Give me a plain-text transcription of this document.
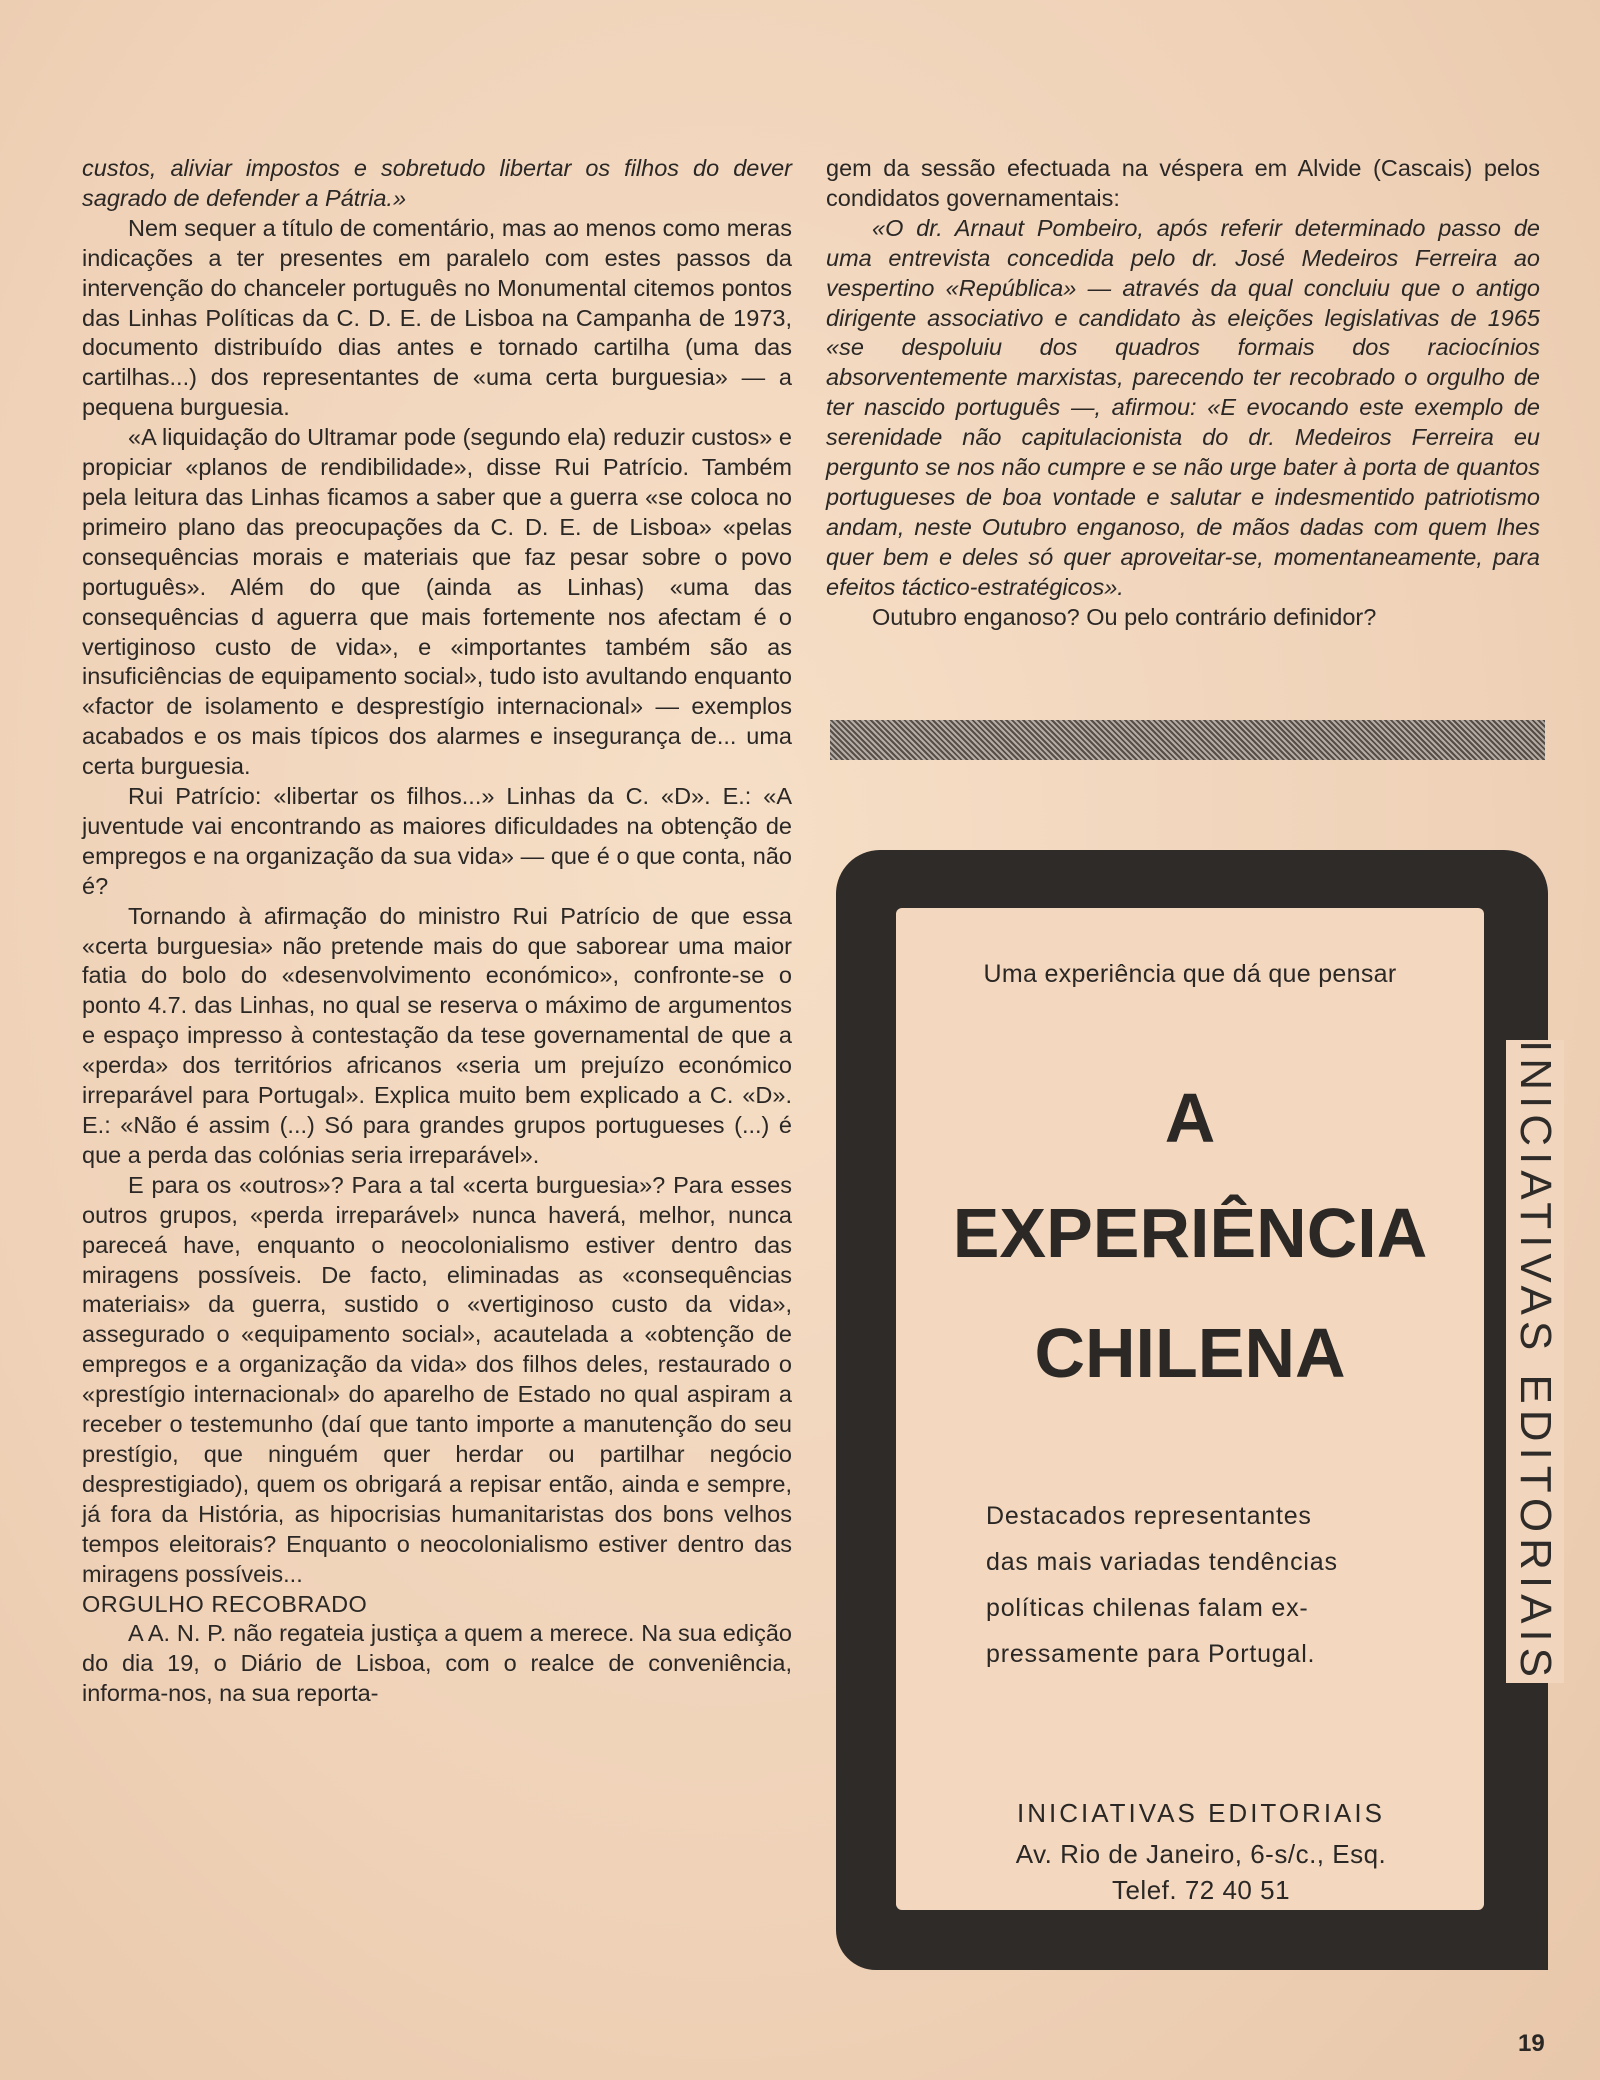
custos, aliviar impostos e sobretudo libertar os filhos do dever sagrado de defender a Pátria.»

Nem sequer a título de comentário, mas ao menos como meras indicações a ter presentes em paralelo com estes passos da intervenção do chanceler português no Monumental citemos pontos das Linhas Políticas da C. D. E. de Lisboa na Campanha de 1973, documento distribuído dias antes e tornado cartilha (uma das cartilhas...) dos representantes de «uma certa burguesia» — a pequena burguesia.

«A liquidação do Ultramar pode (segundo ela) reduzir custos» e propiciar «planos de rendibilidade», disse Rui Patrício. Também pela leitura das Linhas ficamos a saber que a guerra «se coloca no primeiro plano das preocupações da C. D. E. de Lisboa» «pelas consequências morais e materiais que faz pesar sobre o povo português». Além do que (ainda as Linhas) «uma das consequências d aguerra que mais fortemente nos afectam é o vertiginoso custo de vida», e «importantes também são as insuficiências de equipamento social», tudo isto avultando enquanto «factor de isolamento e desprestígio internacional» — exemplos acabados e os mais típicos dos alarmes e insegurança de... uma certa burguesia.

Rui Patrício: «libertar os filhos...» Linhas da C. «D». E.: «A juventude vai encontrando as maiores dificuldades na obtenção de empregos e na organização da sua vida» — que é o que conta, não é?

Tornando à afirmação do ministro Rui Patrício de que essa «certa burguesia» não pretende mais do que saborear uma maior fatia do bolo do «desenvolvimento económico», confronte-se o ponto 4.7. das Linhas, no qual se reserva o máximo de argumentos e espaço impresso à contestação da tese governamental de que a «perda» dos territórios africanos «seria um prejuízo económico irreparável para Portugal». Explica muito bem explicado a C. «D». E.: «Não é assim (...) Só para grandes grupos portugueses (...) é que a perda das colónias seria irreparável».

E para os «outros»? Para a tal «certa burguesia»? Para esses outros grupos, «perda irreparável» nunca haverá, melhor, nunca pareceá have, enquanto o neocolonialismo estiver dentro das miragens possíveis. De facto, eliminadas as «consequências materiais» da guerra, sustido o «vertiginoso custo da vida», assegurado o «equipamento social», acautelada a «obtenção de empregos e a organização da vida» dos filhos deles, restaurado o «prestígio internacional» do aparelho de Estado no qual aspiram a receber o testemunho (daí que tanto importe a manutenção do seu prestígio, que ninguém quer herdar ou partilhar negócio desprestigiado), quem os obrigará a repisar então, ainda e sempre, já fora da História, as hipocrisias humanitaristas dos bons velhos tempos eleitorais? Enquanto o neocolonialismo estiver dentro das miragens possíveis...

ORGULHO RECOBRADO

A A. N. P. não regateia justiça a quem a merece. Na sua edição do dia 19, o Diário de Lisboa, com o realce de conveniência, informa-nos, na sua reporta-

gem da sessão efectuada na véspera em Alvide (Cascais) pelos condidatos governamentais:

«O dr. Arnaut Pombeiro, após referir determinado passo de uma entrevista concedida pelo dr. José Medeiros Ferreira ao vespertino «República» — através da qual concluiu que o antigo dirigente associativo e candidato às eleições legislativas de 1965 «se despoluiu dos quadros formais dos raciocínios absorventemente marxistas, parecendo ter recobrado o orgulho de ter nascido português —, afirmou: «E evocando este exemplo de serenidade não capitulacionista do dr. Medeiros Ferreira eu pergunto se nos não cumpre e se não urge bater à porta de quantos portugueses de boa vontade e salutar e indesmentido patriotismo andam, neste Outubro enganoso, de mãos dadas com quem lhes quer bem e deles só quer aproveitar-se, momentaneamente, para efeitos táctico-estratégicos».

Outubro enganoso? Ou pelo contrário definidor?

Uma experiência que dá que pensar
A
EXPERIÊNCIA
CHILENA

Destacados representantes

das mais variadas tendências

políticas chilenas falam ex-

pressamente para Portugal.

INICIATIVAS EDITORIAIS
Av. Rio de Janeiro, 6-s/c., Esq.
Telef. 72 40 51
INICIATIVAS EDITORIAIS
19
